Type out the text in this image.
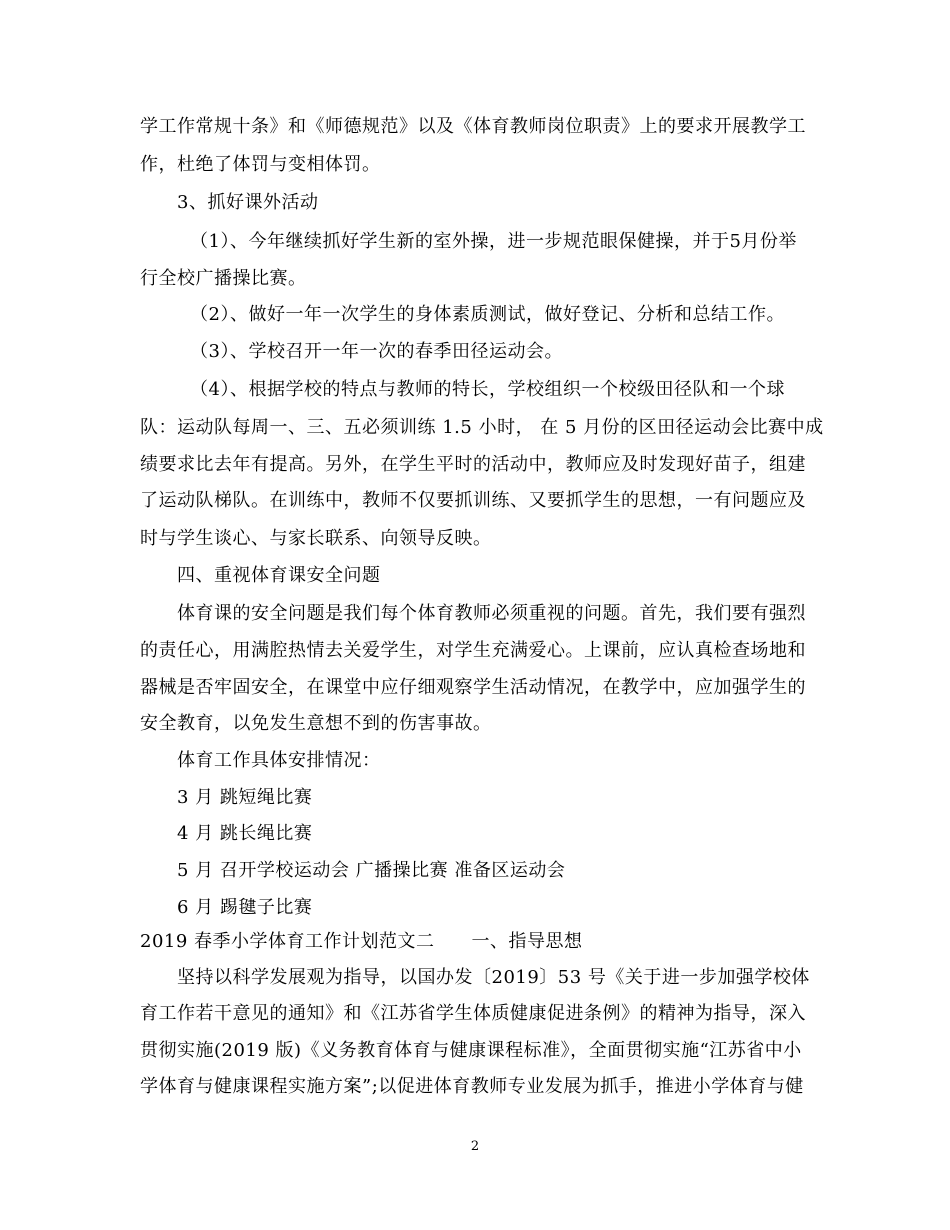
学工作常规十条》和《师德规范》以及《体育教师岗位职责》上的要求开展教学工
作，杜绝了体罚与变相体罚。
3、抓好课外活动
（1）、今年继续抓好学生新的室外操，进一步规范眼保健操，并于5月份举
行全校广播操比赛。
（2）、做好一年一次学生的身体素质测试，做好登记、分析和总结工作。
（3）、学校召开一年一次的春季田径运动会。
（4）、根据学校的特点与教师的特长，学校组织一个校级田径队和一个球
队：运动队每周一、三、五必须训练 1.5 小时， 在 5 月份的区田径运动会比赛中成
绩要求比去年有提高。另外，在学生平时的活动中，教师应及时发现好苗子，组建
了运动队梯队。在训练中，教师不仅要抓训练、又要抓学生的思想，一有问题应及
时与学生谈心、与家长联系、向领导反映。
四、重视体育课安全问题
体育课的安全问题是我们每个体育教师必须重视的问题。首先，我们要有强烈
的责任心，用满腔热情去关爱学生，对学生充满爱心。上课前，应认真检查场地和
器械是否牢固安全，在课堂中应仔细观察学生活动情况，在教学中，应加强学生的
安全教育，以免发生意想不到的伤害事故。
体育工作具体安排情况：
3 月 跳短绳比赛
4 月 跳长绳比赛
5 月 召开学校运动会 广播操比赛 准备区运动会
6 月 踢毽子比赛
2019 春季小学体育工作计划范文二　　一、指导思想
坚持以科学发展观为指导，以国办发〔2019〕53 号《关于进一步加强学校体
育工作若干意见的通知》和《江苏省学生体质健康促进条例》的精神为指导，深入
贯彻实施(2019 版)《义务教育体育与健康课程标准》，全面贯彻实施“江苏省中小
学体育与健康课程实施方案”;以促进体育教师专业发展为抓手，推进小学体育与健
2
